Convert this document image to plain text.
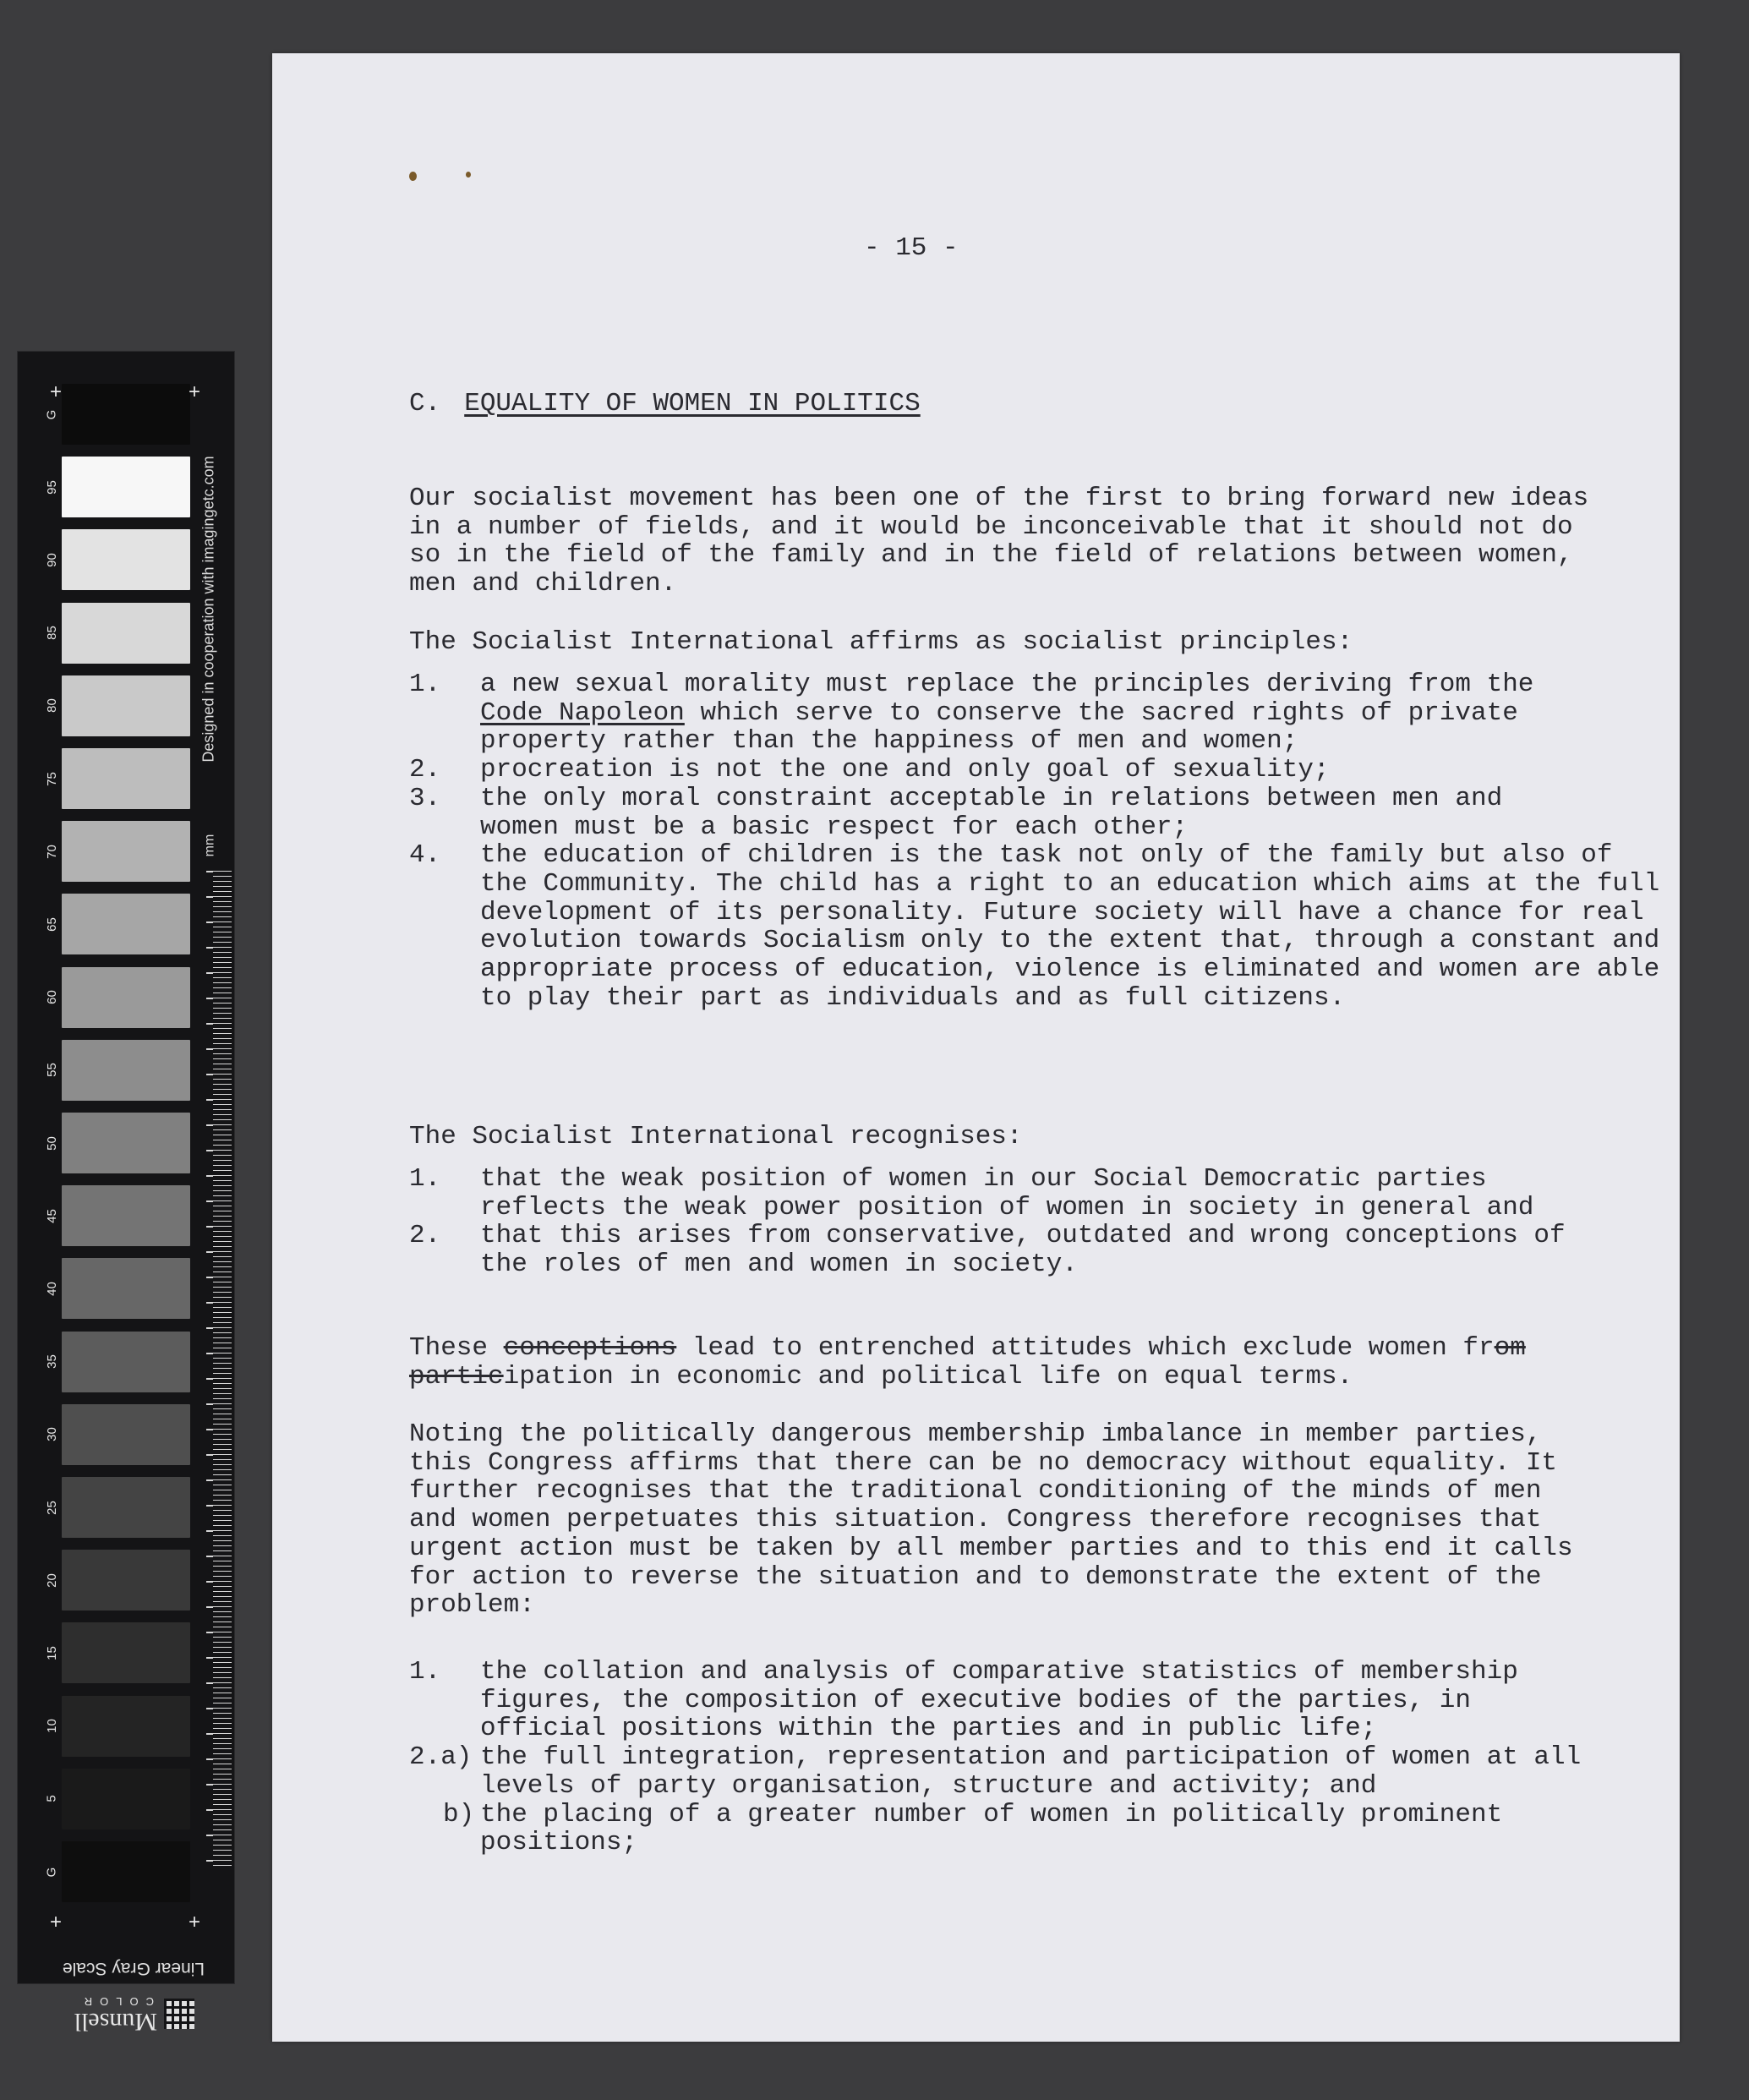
G
95
90
85
80
75
70
65
60
55
50
45
40
35
30
25
20
15
10
5
G
+	+
+	+
Designed in cooperation with imagingetc.com
mm
Linear Gray Scale
Munsell
COLOR
- 15 -
C. EQUALITY OF WOMEN IN POLITICS
Our socialist movement has been one of the first to bring forward new ideas in a number of fields, and it would be inconceivable that it should not do so in the field of the family and in the field of relations between women, men and children.
The Socialist International affirms as socialist principles:
1. a new sexual morality must replace the principles deriving from the Code Napoleon which serve to conserve the sacred rights of private property rather than the happiness of men and women;
2. procreation is not the one and only goal of sexuality;
3. the only moral constraint acceptable in relations between men and women must be a basic respect for each other;
4. the education of children is the task not only of the family but also of the Community. The child has a right to an education which aims at the full development of its personality. Future society will have a chance for real evolution towards Socialism only to the extent that, through a constant and appropriate process of education, violence is eliminated and women are able to play their part as individuals and as full citizens.
The Socialist International recognises:
1. that the weak position of women in our Social Democratic parties reflects the weak power position of women in society in general and
2. that this arises from conservative, outdated and wrong conceptions of the roles of men and women in society.
These conceptions lead to entrenched attitudes which exclude women from participation in economic and political life on equal terms.
Noting the politically dangerous membership imbalance in member parties, this Congress affirms that there can be no democracy without equality. It further recognises that the traditional conditioning of the minds of men and women perpetuates this situation. Congress therefore recognises that urgent action must be taken by all member parties and to this end it calls for action to reverse the situation and to demonstrate the extent of the problem:
1. the collation and analysis of comparative statistics of membership figures, the composition of executive bodies of the parties, in official positions within the parties and in public life;
2.a) the full integration, representation and participation of women at all levels of party organisation, structure and activity; and
b) the placing of a greater number of women in politically prominent positions;
